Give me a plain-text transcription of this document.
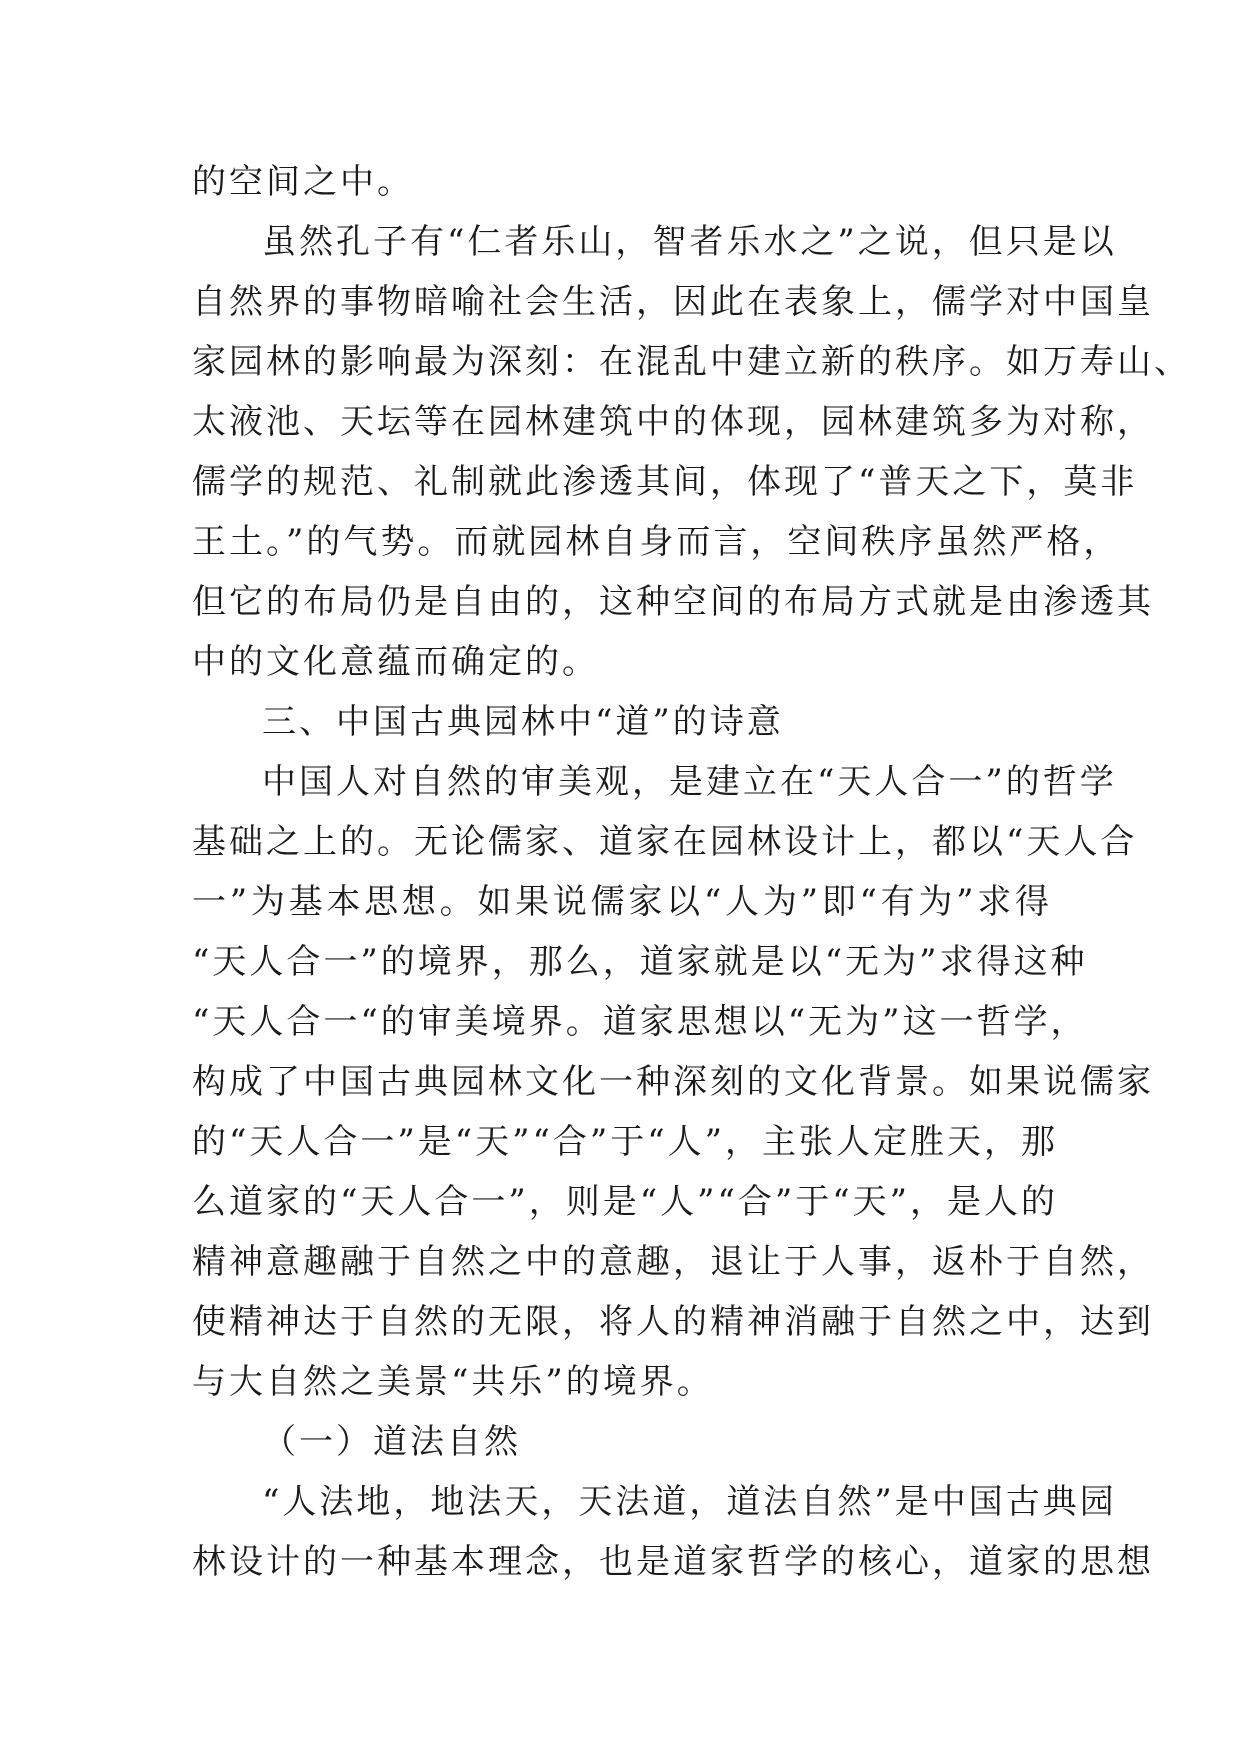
的空间之中。
虽然孔子有“仁者乐山，智者乐水之”之说，但只是以
自然界的事物暗喻社会生活，因此在表象上，儒学对中国皇
家园林的影响最为深刻：在混乱中建立新的秩序。如万寿山、
太液池、天坛等在园林建筑中的体现，园林建筑多为对称，
儒学的规范、礼制就此渗透其间，体现了“普天之下，莫非
王土。”的气势。而就园林自身而言，空间秩序虽然严格，
但它的布局仍是自由的，这种空间的布局方式就是由渗透其
中的文化意蕴而确定的。
三、中国古典园林中“道”的诗意
中国人对自然的审美观，是建立在“天人合一”的哲学
基础之上的。无论儒家、道家在园林设计上，都以“天人合
一”为基本思想。如果说儒家以“人为”即“有为”求得
“天人合一”的境界，那么，道家就是以“无为”求得这种
“天人合一“的审美境界。道家思想以“无为”这一哲学，
构成了中国古典园林文化一种深刻的文化背景。如果说儒家
的“天人合一”是“天”“合”于“人”，主张人定胜天，那
么道家的“天人合一”，则是“人”“合”于“天”，是人的
精神意趣融于自然之中的意趣，退让于人事，返朴于自然，
使精神达于自然的无限，将人的精神消融于自然之中，达到
与大自然之美景“共乐”的境界。
（一）道法自然
“人法地，地法天，天法道，道法自然”是中国古典园
林设计的一种基本理念，也是道家哲学的核心，道家的思想
